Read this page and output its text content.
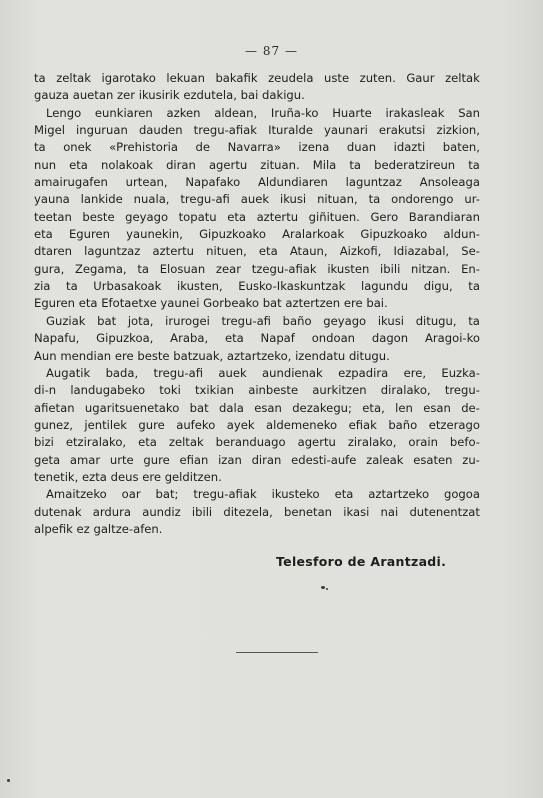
— 87 —
ta zeltak igarotako lekuan bakafik zeudela uste zuten. Gaur zeltak
gauza auetan zer ikusirik ezdutela, bai dakigu.
Lengo eunkiaren azken aldean, Iruña-ko Huarte irakasleak San
Migel inguruan dauden tregu-afiak Ituralde yaunari erakutsi zizkion,
ta onek «Prehistoria de Navarra» izena duan idazti baten,
nun eta nolakoak diran agertu zituan. Mila ta bederatzireun ta
amairugafen urtean, Napafako Aldundiaren laguntzaz Ansoleaga
yauna lankide nuala, tregu-afi auek ikusi nituan, ta ondorengo ur-
teetan beste geyago topatu eta aztertu giñituen. Gero Barandiaran
eta Eguren yaunekin, Gipuzkoako Aralarkoak Gipuzkoako aldun-
dtaren laguntzaz aztertu nituen, eta Ataun, Aizkofi, Idiazabal, Se-
gura, Zegama, ta Elosuan zear tzegu-afiak ikusten ibili nitzan. En-
zia ta Urbasakoak ikusten, Eusko-Ikaskuntzak lagundu digu, ta
Eguren eta Efotaetxe yaunei Gorbeako bat aztertzen ere bai.
Guziak bat jota, irurogei tregu-afi baño geyago ikusi ditugu, ta
Napafu, Gipuzkoa, Araba, eta Napaf ondoan dagon Aragoi-ko
Aun mendian ere beste batzuak, aztartzeko, izendatu ditugu.
Augatik bada, tregu-afi auek aundienak ezpadira ere, Euzka-
di-n landugabeko toki txikian ainbeste aurkitzen diralako, tregu-
afietan ugaritsuenetako bat dala esan dezakegu; eta, len esan de-
gunez, jentilek gure aufeko ayek aldemeneko efiak baño etzerago
bizi etziralako, eta zeltak beranduago agertu ziralako, orain befo-
geta amar urte gure efian izan diran edesti-aufe zaleak esaten zu-
tenetik, ezta deus ere gelditzen.
Amaitzeko oar bat; tregu-afiak ikusteko eta aztartzeko gogoa
dutenak ardura aundiz ibili ditezela, benetan ikasi nai dutenentzat
alpefik ez galtze-afen.
Telesforo de Arantzadi.
